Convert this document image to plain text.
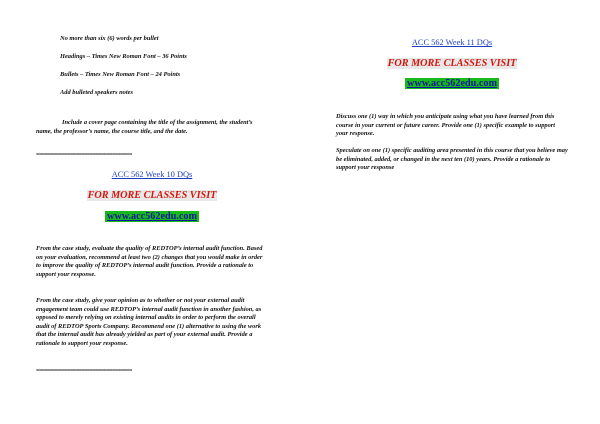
No more than six (6) words per bullet

Headings – Times New Roman Font – 36 Points

Bullets – Times New Roman Font – 24 Points

Add bulleted speakers notes

Include a cover page containing the title of the assignment, the student’s name, the professor’s name, the course title, and the date.

==================================
ACC 562 Week 10 DQs
FOR MORE CLASSES VISIT
www.acc562edu.com

From the case study, evaluate the quality of REDTOP’s internal audit function. Based on your evaluation, recommend at least two (2) changes that you would make in order to improve the quality of REDTOP’s internal audit function. Provide a rationale to support your response.

From the case study, give your opinion as to whether or not your external audit engagement team could use REDTOP’s internal audit function in another fashion, as opposed to merely relying on existing internal audits in order to perform the overall audit of REDTOP Sports Company. Recommend one (1) alternative to using the work that the internal audit has already yielded as part of your external audit. Provide a rationale to support your response.

==================================
ACC 562 Week 11 DQs
FOR MORE CLASSES VISIT
www.acc562edu.com

Discuss one (1) way in which you anticipate using what you have learned from this course in your current or future career. Provide one (1) specific example to support your response.

Speculate on one (1) specific auditing area presented in this course that you believe may be eliminated, added, or changed in the next ten (10) years. Provide a rationale to support your response
